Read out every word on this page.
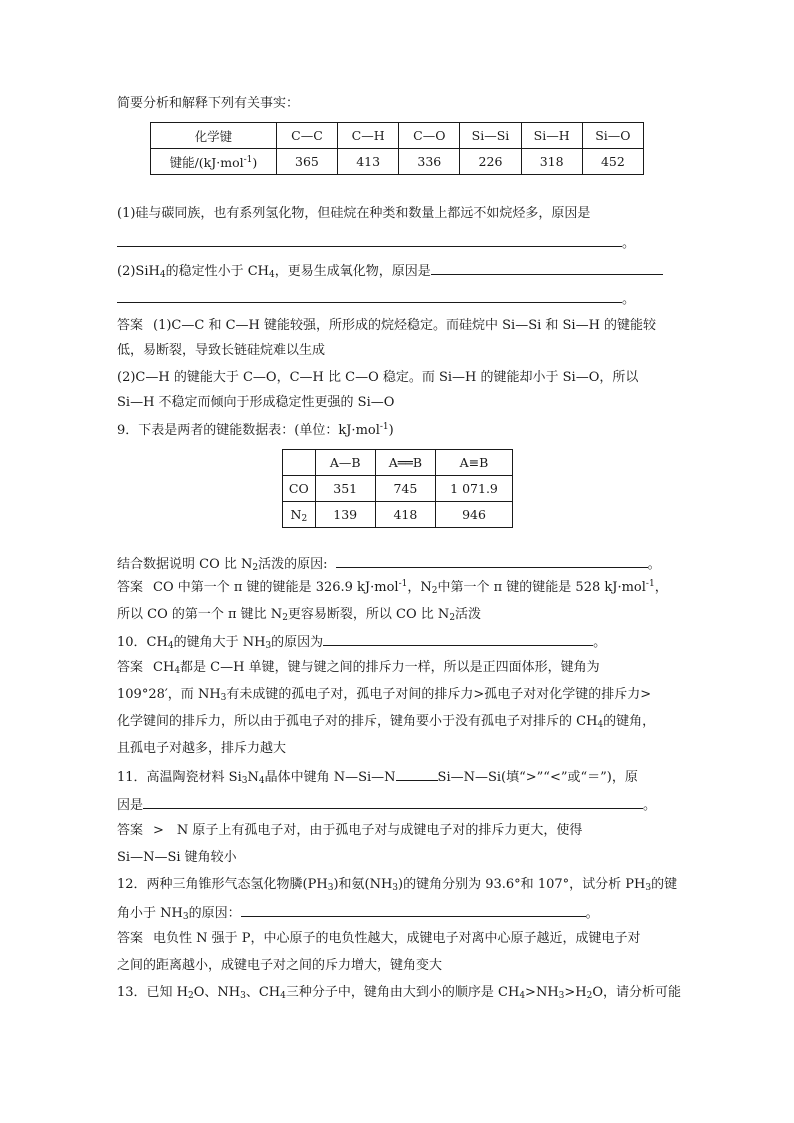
简要分析和解释下列有关事实：
化学键	C—C	C—H	C—O	Si—Si	Si—H	Si—O
键能/(kJ·mol$^{-1}$)	365	413	336	226	318	452
(1)硅与碳同族，也有系列氢化物，但硅烷在种类和数量上都远不如烷烃多，原因是
。
(2)SiH$_4$的稳定性小于 $CH_4$，更易生成氧化物，原因是
。
答案 (1)C—C 和 C—H 键能较强，所形成的烷烃稳定。而硅烷中 Si—Si 和 Si—H 的键能较
低，易断裂，导致长链硅烷难以生成
(2)C—H 的键能大于 C—O，C—H 比 C—O 稳定。而 Si—H 的键能却小于 Si—O，所以
Si—H 不稳定而倾向于形成稳定性更强的 Si—O
9．下表是两者的键能数据表：(单位：kJ·mol$^{-1}$)
	A—B	A══B	A≡B
CO	351	745	1 071.9
$N_2$	139	418	946
结合数据说明 CO 比 $N_2$活泼的原因:	。
答案 CO 中第一个 π 键的键能是 326.9 kJ·mol$^{-1}$，$N_2$中第一个 π 键的键能是 528 kJ·mol$^{-1}$，
所以 CO 的第一个 π 键比 $N_2$更容易断裂，所以 CO 比 $N_2$活泼
10．$CH_4$的键角大于 $NH_3$的原因为	。
答案 $CH_4$都是 C—H 单键，键与键之间的排斥力一样，所以是正四面体形，键角为
109°28′，而 $NH_3$有未成键的孤电子对，孤电子对间的排斥力>孤电子对对化学键的排斥力>
化学键间的排斥力，所以由于孤电子对的排斥，键角要小于没有孤电子对排斥的 $CH_4$的键角，
且孤电子对越多，排斥力越大
11．高温陶瓷材料 $Si_3N_4$晶体中键角 N—Si—N	Si—N—Si(填“>”“<”或“＝”)，原
因是	。
答案 >　N 原子上有孤电子对，由于孤电子对与成键电子对的排斥力更大，使得
Si—N—Si 键角较小
12．两种三角锥形气态氢化物膦$(PH_3)$和氨$(NH_3)$的键角分别为 93.6°和 107°，试分析 $PH_3$的键
角小于 $NH_3$的原因：	。
答案 电负性 N 强于 P，中心原子的电负性越大，成键电子对离中心原子越近，成键电子对
之间的距离越小，成键电子对之间的斥力增大，键角变大
13．已知 $H_2O$、$NH_3$、$CH_4$三种分子中，键角由大到小的顺序是 $CH_4>NH_3>H_2O$，请分析可能
